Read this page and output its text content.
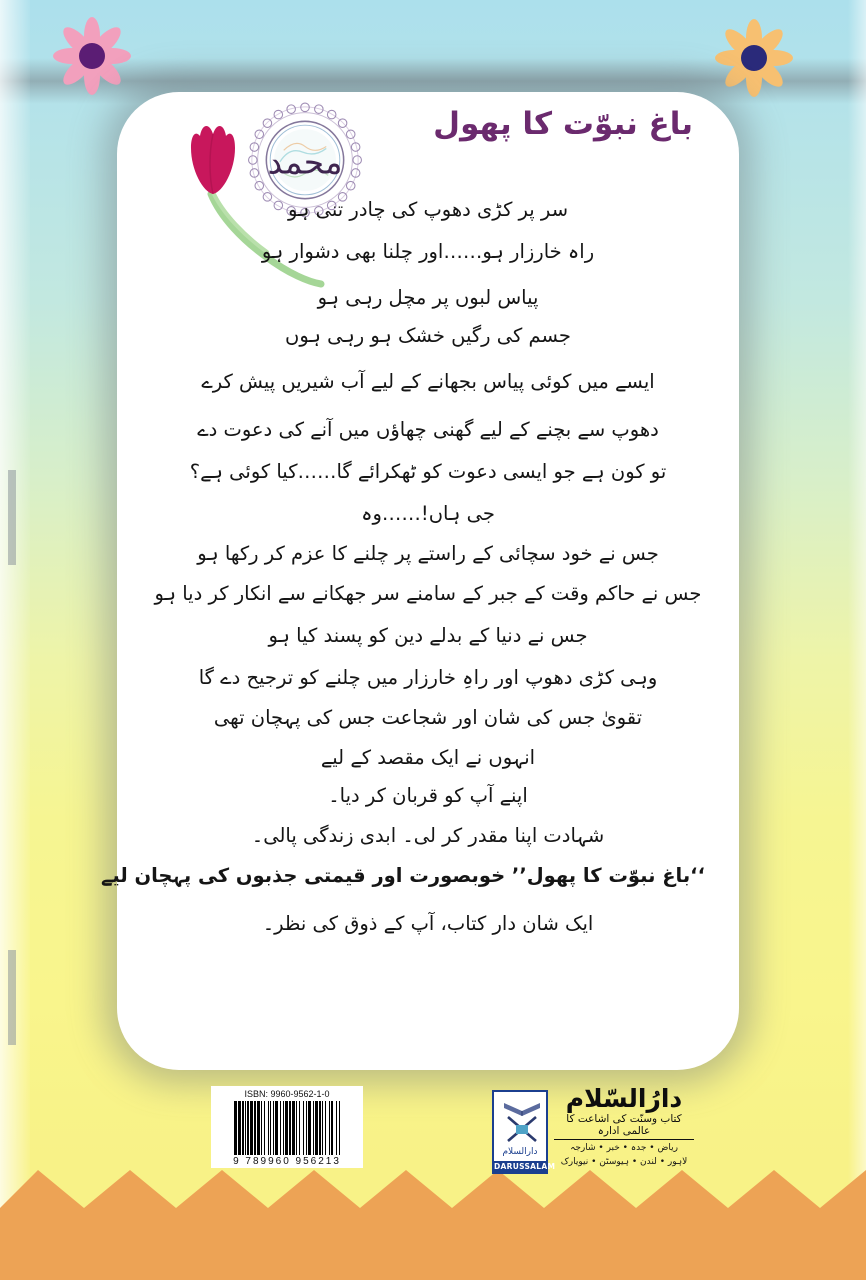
باغ نبوّت کا پھول
محمد
سر پر کڑی دھوپ کی چادر تنی ہو
راہ خارزار ہو……اور چلنا بھی دشوار ہو
پیاس لبوں پر مچل رہی ہو
جسم کی رگیں خشک ہو رہی ہوں
ایسے میں کوئی پیاس بجھانے کے لیے آب شیریں پیش کرے
دھوپ سے بچنے کے لیے گھنی چھاؤں میں آنے کی دعوت دے
تو کون ہے جو ایسی دعوت کو ٹھکرائے گا……کیا کوئی ہے؟
جی ہاں!……وہ
جس نے خود سچائی کے راستے پر چلنے کا عزم کر رکھا ہو
جس نے حاکم وقت کے جبر کے سامنے سر جھکانے سے انکار کر دیا ہو
جس نے دنیا کے بدلے دین کو پسند کیا ہو
وہی کڑی دھوپ اور راہِ خارزار میں چلنے کو ترجیح دے گا
تقویٰ جس کی شان اور شجاعت جس کی پہچان تھی
انہوں نے ایک مقصد کے لیے
اپنے آپ کو قربان کر دیا۔
شہادت اپنا مقدر کر لی۔ ابدی زندگی پالی۔
‘‘باغ نبوّت کا پھول’’ خوبصورت اور قیمتی جذبوں کی پہچان لیے
ایک شان دار کتاب، آپ کے ذوق کی نظر۔
ISBN: 9960-9562-1-0
9 789960 956213
دارالسلام
DARUSSALAM
دارُالسّلام
کتاب وسنّت کی اشاعت کا عالمی ادارہ
ریاض • جدہ • خبر • شارجہ
لاہور • لندن • ہیوسٹن • نیویارک
